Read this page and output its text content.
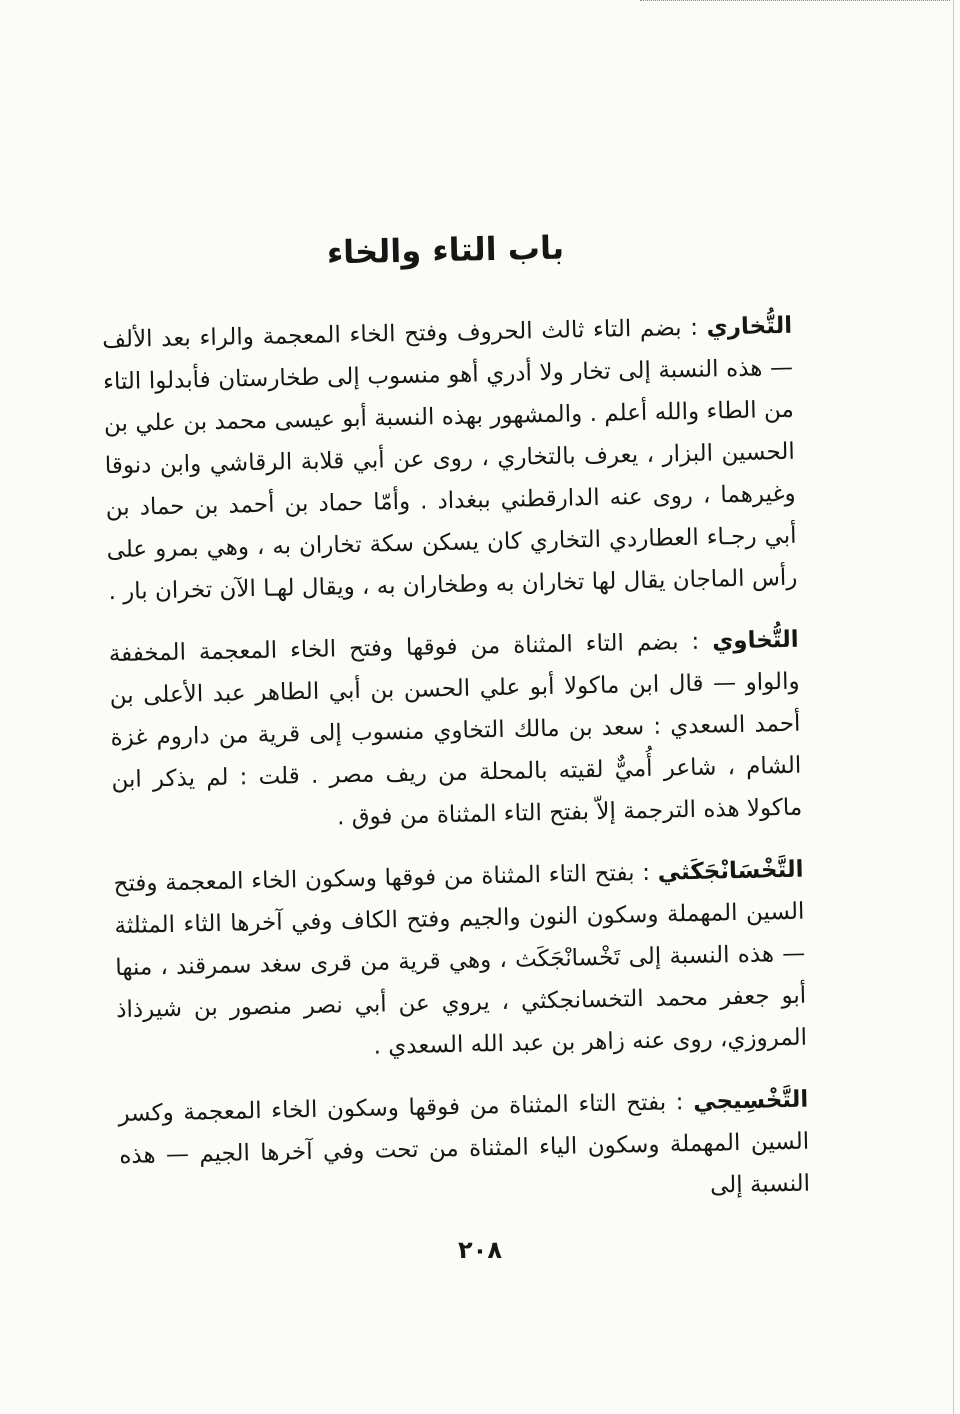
باب التاء والخاء

التُّخاري : بضم التاء ثالث الحروف وفتح الخاء المعجمة والراء بعد الألف — هذه النسبة إلى تخار ولا أدري أهو منسوب إلى طخارستان فأبدلوا التاء من الطاء والله أعلم . والمشهور بهذه النسبة أبو عيسى محمد بن علي بن الحسين البزار ، يعرف بالتخاري ، روى عن أبي قلابة الرقاشي وابن دنوقا وغيرهما ، روى عنه الدارقطني ببغداد . وأمّا حماد بن أحمد بن حماد بن أبي رجـاء العطاردي التخاري كان يسكن سكة تخاران به ، وهي بمرو على رأس الماجان يقال لها تخاران به وطخاران به ، ويقال لهـا الآن تخران بار .

التُّخاوي : بضم التاء المثناة من فوقها وفتح الخاء المعجمة المخففة والواو — قال ابن ماكولا أبو علي الحسن بن أبي الطاهر عبد الأعلى بن أحمد السعدي : سعد بن مالك التخاوي منسوب إلى قرية من داروم غزة الشام ، شاعر أُميٌّ لقيته بالمحلة من ريف مصر . قلت : لم يذكر ابن ماكولا هذه الترجمة إلاّ بفتح التاء المثناة من فوق .

التَّخْسَانْجَكَثي : بفتح التاء المثناة من فوقها وسكون الخاء المعجمة وفتح السين المهملة وسكون النون والجيم وفتح الكاف وفي آخرها الثاء المثلثة — هذه النسبة إلى تَخْسانْجَكَث ، وهي قرية من قرى سغد سمرقند ، منها أبو جعفر محمد التخسانجكثي ، يروي عن أبي نصر منصور بن شيرذاذ المروزي، روى عنه زاهر بن عبد الله السعدي .

التَّخْسِيجي : بفتح التاء المثناة من فوقها وسكون الخاء المعجمة وكسر السين المهملة وسكون الياء المثناة من تحت وفي آخرها الجيم — هذه النسبة إلى

٢٠٨
